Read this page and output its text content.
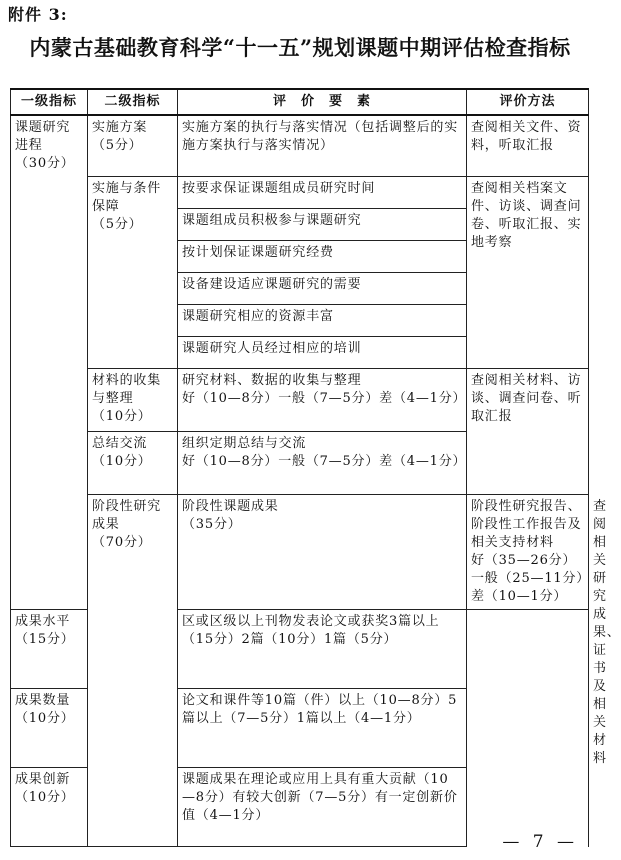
附件 3:
内蒙古基础教育科学“十一五”规划课题中期评估检查指标
一级指标	二级指标	评　价　要　素	评价方法	

课题研究进程
（30分）	实施方案
（5分）	实施方案的执行与落实情况（包括调整后的实施方案执行与落实情况）	查阅相关文件、资料，听取汇报	

	实施与条件保障
（5分）	按要求保证课题组成员研究时间	查阅相关档案文件、访谈、调查问卷、听取汇报、实地考察	
		课题组成员积极参与课题研究		
		按计划保证课题研究经费		
		设备建设适应课题研究的需要		
		课题研究相应的资源丰富		
		课题研究人员经过相应的培训		

	材料的收集与整理
（10分）	研究材料、数据的收集与整理
好（10—8分）一般（7—5分）差（4—1分）	查阅相关材料、访谈、调查问卷、听取汇报	

	总结交流
（10分）	组织定期总结与交流
好（10—8分）一般（7—5分）差（4—1分）		

	阶段性研究成果
（70分）	阶段性课题成果
（35分）	阶段性研究报告、阶段性工作报告及相关支持材料
好（35—26分）一般（25—11分）差（10—1分）	查阅相关研究成果、证书及相关材料

成果水平
（15分）		区或区级以上刊物发表论文或获奖3篇以上（15分）2篇（10分）1篇（5分）		

成果数量
（10分）		论文和课件等10篇（件）以上（10—8分）5篇以上（7—5分）1篇以上（4—1分）		

成果创新
（10分）		课题成果在理论或应用上具有重大贡献（10—8分）有较大创新（7—5分）有一定创新价值（4—1分）		
— 7 —
